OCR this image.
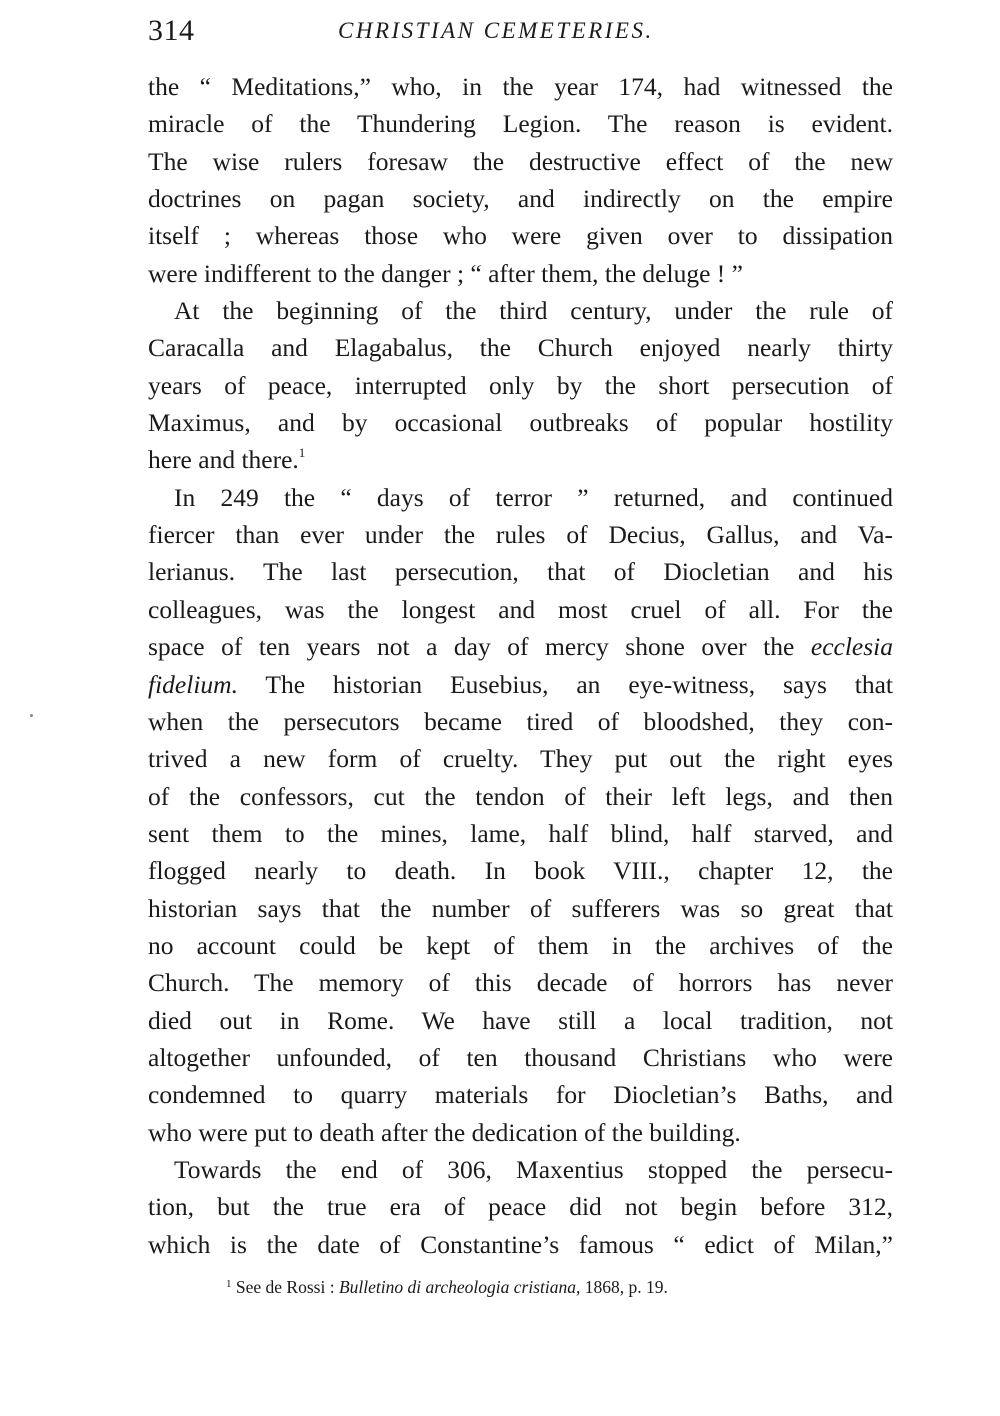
314	CHRISTIAN CEMETERIES.
the “ Meditations,” who, in the year 174, had witnessed the
miracle of the Thundering Legion. The reason is evident.
The wise rulers foresaw the destructive effect of the new
doctrines on pagan society, and indirectly on the empire
itself ; whereas those who were given over to dissipation
were indifferent to the danger ; “ after them, the deluge ! ”
At the beginning of the third century, under the rule of
Caracalla and Elagabalus, the Church enjoyed nearly thirty
years of peace, interrupted only by the short persecution of
Maximus, and by occasional outbreaks of popular hostility
here and there.$^1$
In 249 the “ days of terror ” returned, and continued
fiercer than ever under the rules of Decius, Gallus, and Va-
lerianus. The last persecution, that of Diocletian and his
colleagues, was the longest and most cruel of all. For the
space of ten years not a day of mercy shone over the ecclesia
fidelium. The historian Eusebius, an eye-witness, says that
when the persecutors became tired of bloodshed, they con-
trived a new form of cruelty. They put out the right eyes
of the confessors, cut the tendon of their left legs, and then
sent them to the mines, lame, half blind, half starved, and
flogged nearly to death. In book VIII., chapter 12, the
historian says that the number of sufferers was so great that
no account could be kept of them in the archives of the
Church. The memory of this decade of horrors has never
died out in Rome. We have still a local tradition, not
altogether unfounded, of ten thousand Christians who were
condemned to quarry materials for Diocletian’s Baths, and
who were put to death after the dedication of the building.
Towards the end of 306, Maxentius stopped the persecu-
tion, but the true era of peace did not begin before 312,
which is the date of Constantine’s famous “ edict of Milan,”
$^1$ See de Rossi : Bulletino di archeologia cristiana, 1868, p. 19.
